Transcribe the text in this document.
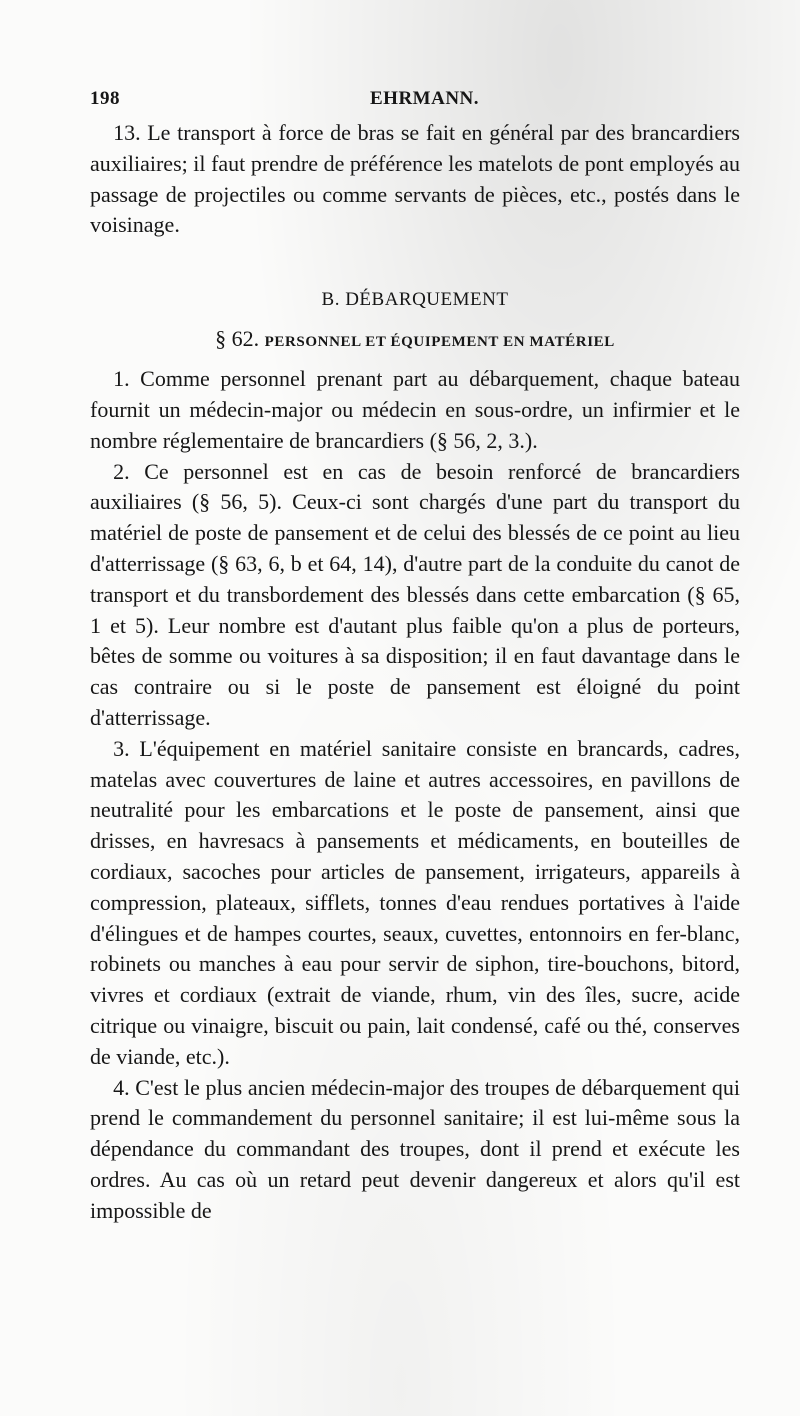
198	EHRMANN.

13. Le transport à force de bras se fait en général par des brancardiers auxiliaires; il faut prendre de préférence les matelots de pont employés au passage de projectiles ou comme servants de pièces, etc., postés dans le voisinage.

B. DÉBARQUEMENT

§ 62. PERSONNEL ET ÉQUIPEMENT EN MATÉRIEL

1. Comme personnel prenant part au débarquement, chaque bateau fournit un médecin-major ou médecin en sous-ordre, un infirmier et le nombre réglementaire de brancardiers (§ 56, 2, 3.).

2. Ce personnel est en cas de besoin renforcé de brancardiers auxiliaires (§ 56, 5). Ceux-ci sont chargés d'une part du transport du matériel de poste de pansement et de celui des blessés de ce point au lieu d'atterrissage (§ 63, 6, b et 64, 14), d'autre part de la conduite du canot de transport et du transbordement des blessés dans cette embarcation (§ 65, 1 et 5). Leur nombre est d'autant plus faible qu'on a plus de porteurs, bêtes de somme ou voitures à sa disposition; il en faut davantage dans le cas contraire ou si le poste de pansement est éloigné du point d'atterrissage.

3. L'équipement en matériel sanitaire consiste en brancards, cadres, matelas avec couvertures de laine et autres accessoires, en pavillons de neutralité pour les embarcations et le poste de pansement, ainsi que drisses, en havresacs à pansements et médicaments, en bouteilles de cordiaux, sacoches pour articles de pansement, irrigateurs, appareils à compression, plateaux, sifflets, tonnes d'eau rendues portatives à l'aide d'élingues et de hampes courtes, seaux, cuvettes, entonnoirs en fer-blanc, robinets ou manches à eau pour servir de siphon, tire-bouchons, bitord, vivres et cordiaux (extrait de viande, rhum, vin des îles, sucre, acide citrique ou vinaigre, biscuit ou pain, lait condensé, café ou thé, conserves de viande, etc.).

4. C'est le plus ancien médecin-major des troupes de débarquement qui prend le commandement du personnel sanitaire; il est lui-même sous la dépendance du commandant des troupes, dont il prend et exécute les ordres. Au cas où un retard peut devenir dangereux et alors qu'il est impossible de
